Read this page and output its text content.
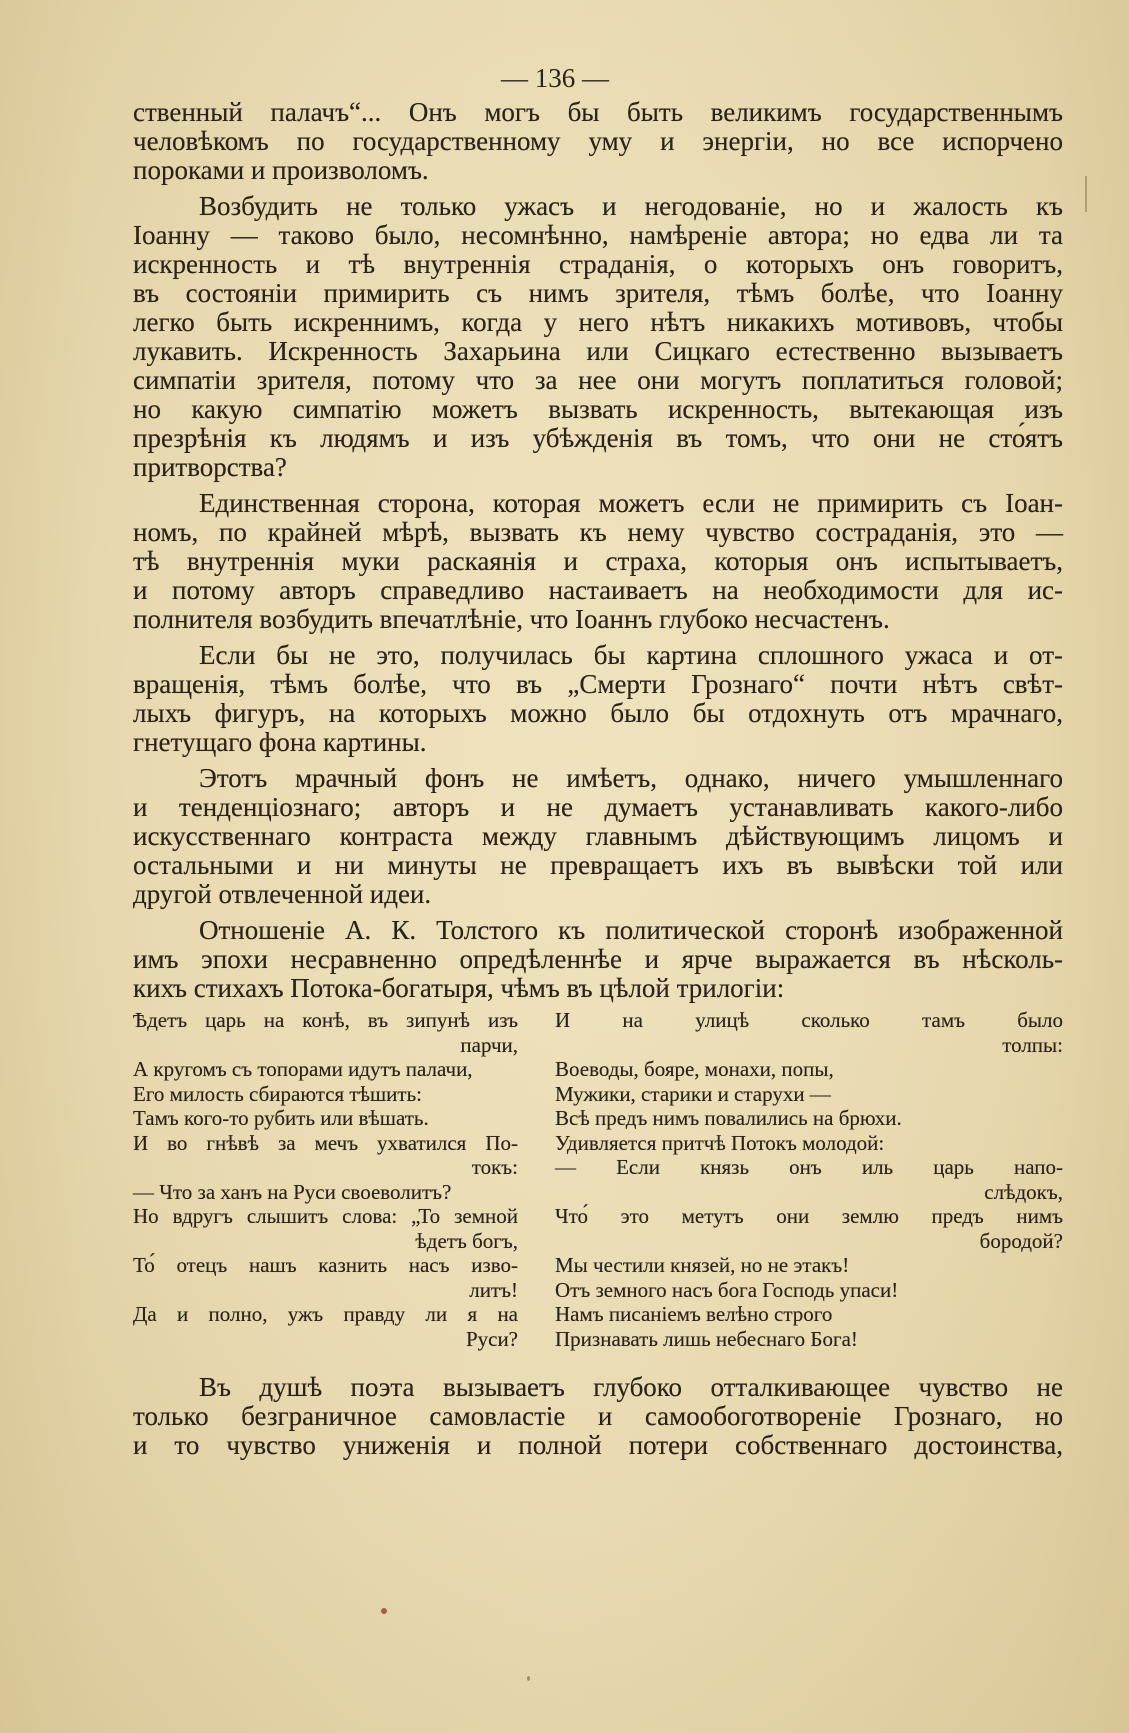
— 136 —
ственный палачъ“... Онъ могъ бы быть великимъ государственнымъ
человѣкомъ по государственному уму и энергіи, но все испорчено
пороками и произволомъ.
Возбудить не только ужасъ и негодованіе, но и жалость къ
Іоанну — таково было, несомнѣнно, намѣреніе автора; но едва ли та
искренность и тѣ внутреннія страданія, о которыхъ онъ говоритъ,
въ состояніи примирить съ нимъ зрителя, тѣмъ болѣе, что Іоанну
легко быть искреннимъ, когда у него нѣтъ никакихъ мотивовъ, чтобы
лукавить. Искренность Захарьина или Сицкаго естественно вызываетъ
симпатіи зрителя, потому что за нее они могутъ поплатиться головой;
но какую симпатію можетъ вызвать искренность, вытекающая изъ
презрѣнія къ людямъ и изъ убѣжденія въ томъ, что они не сто́ятъ
притворства?
Единственная сторона, которая можетъ если не примирить съ Іоан-
номъ, по крайней мѣрѣ, вызвать къ нему чувство состраданія, это —
тѣ внутреннія муки раскаянія и страха, которыя онъ испытываетъ,
и потому авторъ справедливо настаиваетъ на необходимости для ис-
полнителя возбудить впечатлѣніе, что Іоаннъ глубоко несчастенъ.
Если бы не это, получилась бы картина сплошного ужаса и от-
вращенія, тѣмъ болѣе, что въ „Смерти Грознаго“ почти нѣтъ свѣт-
лыхъ фигуръ, на которыхъ можно было бы отдохнуть отъ мрачнаго,
гнетущаго фона картины.
Этотъ мрачный фонъ не имѣетъ, однако, ничего умышленнаго
и тенденціознаго; авторъ и не думаетъ устанавливать какого-либо
искусственнаго контраста между главнымъ дѣйствующимъ лицомъ и
остальными и ни минуты не превращаетъ ихъ въ вывѣски той или
другой отвлеченной идеи.
Отношеніе А. К. Толстого къ политической сторонѣ изображенной
имъ эпохи несравненно опредѣленнѣе и ярче выражается въ нѣсколь-
кихъ стихахъ Потока-богатыря, чѣмъ въ цѣлой трилогіи:
Ѣдетъ царь на конѣ, въ зипунѣ изъ
парчи,
А кругомъ съ топорами идутъ палачи,
Его милость сбираются тѣшить:
Тамъ кого-то рубить или вѣшать.
И во гнѣвѣ за мечъ ухватился По-
токъ:
— Что за ханъ на Руси своеволитъ?
Но вдругъ слышитъ слова: „То земной
ѣдетъ богъ,
То́ отецъ нашъ казнить насъ изво-
литъ!
Да и полно, ужъ правду ли я на
Руси?
И на улицѣ сколько тамъ было
толпы:
Воеводы, бояре, монахи, попы,
Мужики, старики и старухи —
Всѣ предъ нимъ повалились на брюхи.
Удивляется притчѣ Потокъ молодой:
— Если князь онъ иль царь напо-
слѣдокъ,
Что́ это метутъ они землю предъ нимъ
бородой?
Мы честили князей, но не этакъ!
Отъ земного насъ бога Господь упаси!
Намъ писаніемъ велѣно строго
Признавать лишь небеснаго Бога!
Въ душѣ поэта вызываетъ глубоко отталкивающее чувство не
только безграничное самовластіе и самообоготвореніе Грознаго, но
и то чувство униженія и полной потери собственнаго достоинства,
